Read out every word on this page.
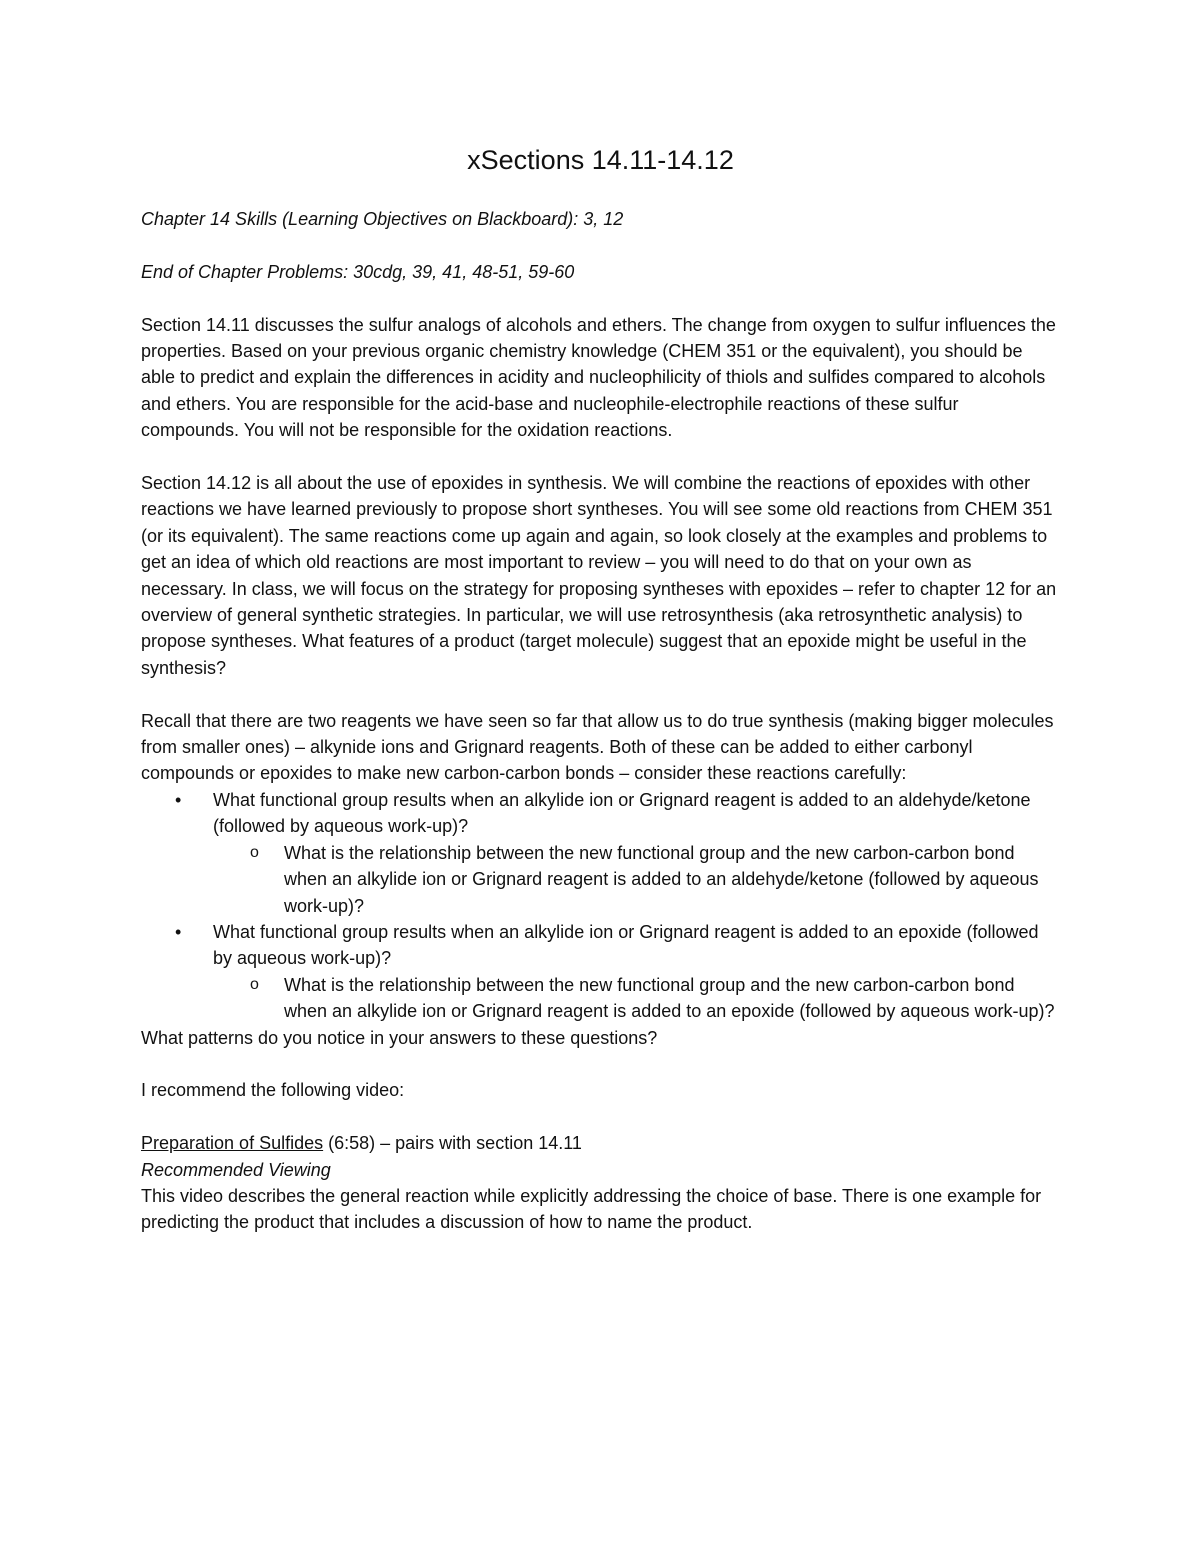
xSections 14.11-14.12

Chapter 14 Skills (Learning Objectives on Blackboard): 3, 12

End of Chapter Problems: 30cdg, 39, 41, 48-51, 59-60

Section 14.11 discusses the sulfur analogs of alcohols and ethers. The change from oxygen to sulfur influences the properties. Based on your previous organic chemistry knowledge (CHEM 351 or the equivalent), you should be able to predict and explain the differences in acidity and nucleophilicity of thiols and sulfides compared to alcohols and ethers. You are responsible for the acid-base and nucleophile-electrophile reactions of these sulfur compounds. You will not be responsible for the oxidation reactions.

Section 14.12 is all about the use of epoxides in synthesis. We will combine the reactions of epoxides with other reactions we have learned previously to propose short syntheses. You will see some old reactions from CHEM 351 (or its equivalent). The same reactions come up again and again, so look closely at the examples and problems to get an idea of which old reactions are most important to review – you will need to do that on your own as necessary. In class, we will focus on the strategy for proposing syntheses with epoxides – refer to chapter 12 for an overview of general synthetic strategies. In particular, we will use retrosynthesis (aka retrosynthetic analysis) to propose syntheses. What features of a product (target molecule) suggest that an epoxide might be useful in the synthesis?

Recall that there are two reagents we have seen so far that allow us to do true synthesis (making bigger molecules from smaller ones) – alkynide ions and Grignard reagents. Both of these can be added to either carbonyl compounds or epoxides to make new carbon-carbon bonds – consider these reactions carefully:

• What functional group results when an alkylide ion or Grignard reagent is added to an aldehyde/ketone (followed by aqueous work-up)?
o What is the relationship between the new functional group and the new carbon-carbon bond when an alkylide ion or Grignard reagent is added to an aldehyde/ketone (followed by aqueous work-up)?
• What functional group results when an alkylide ion or Grignard reagent is added to an epoxide (followed by aqueous work-up)?
o What is the relationship between the new functional group and the new carbon-carbon bond when an alkylide ion or Grignard reagent is added to an epoxide (followed by aqueous work-up)?

What patterns do you notice in your answers to these questions?

I recommend the following video:

Preparation of Sulfides (6:58) – pairs with section 14.11

Recommended Viewing

This video describes the general reaction while explicitly addressing the choice of base. There is one example for predicting the product that includes a discussion of how to name the product.
